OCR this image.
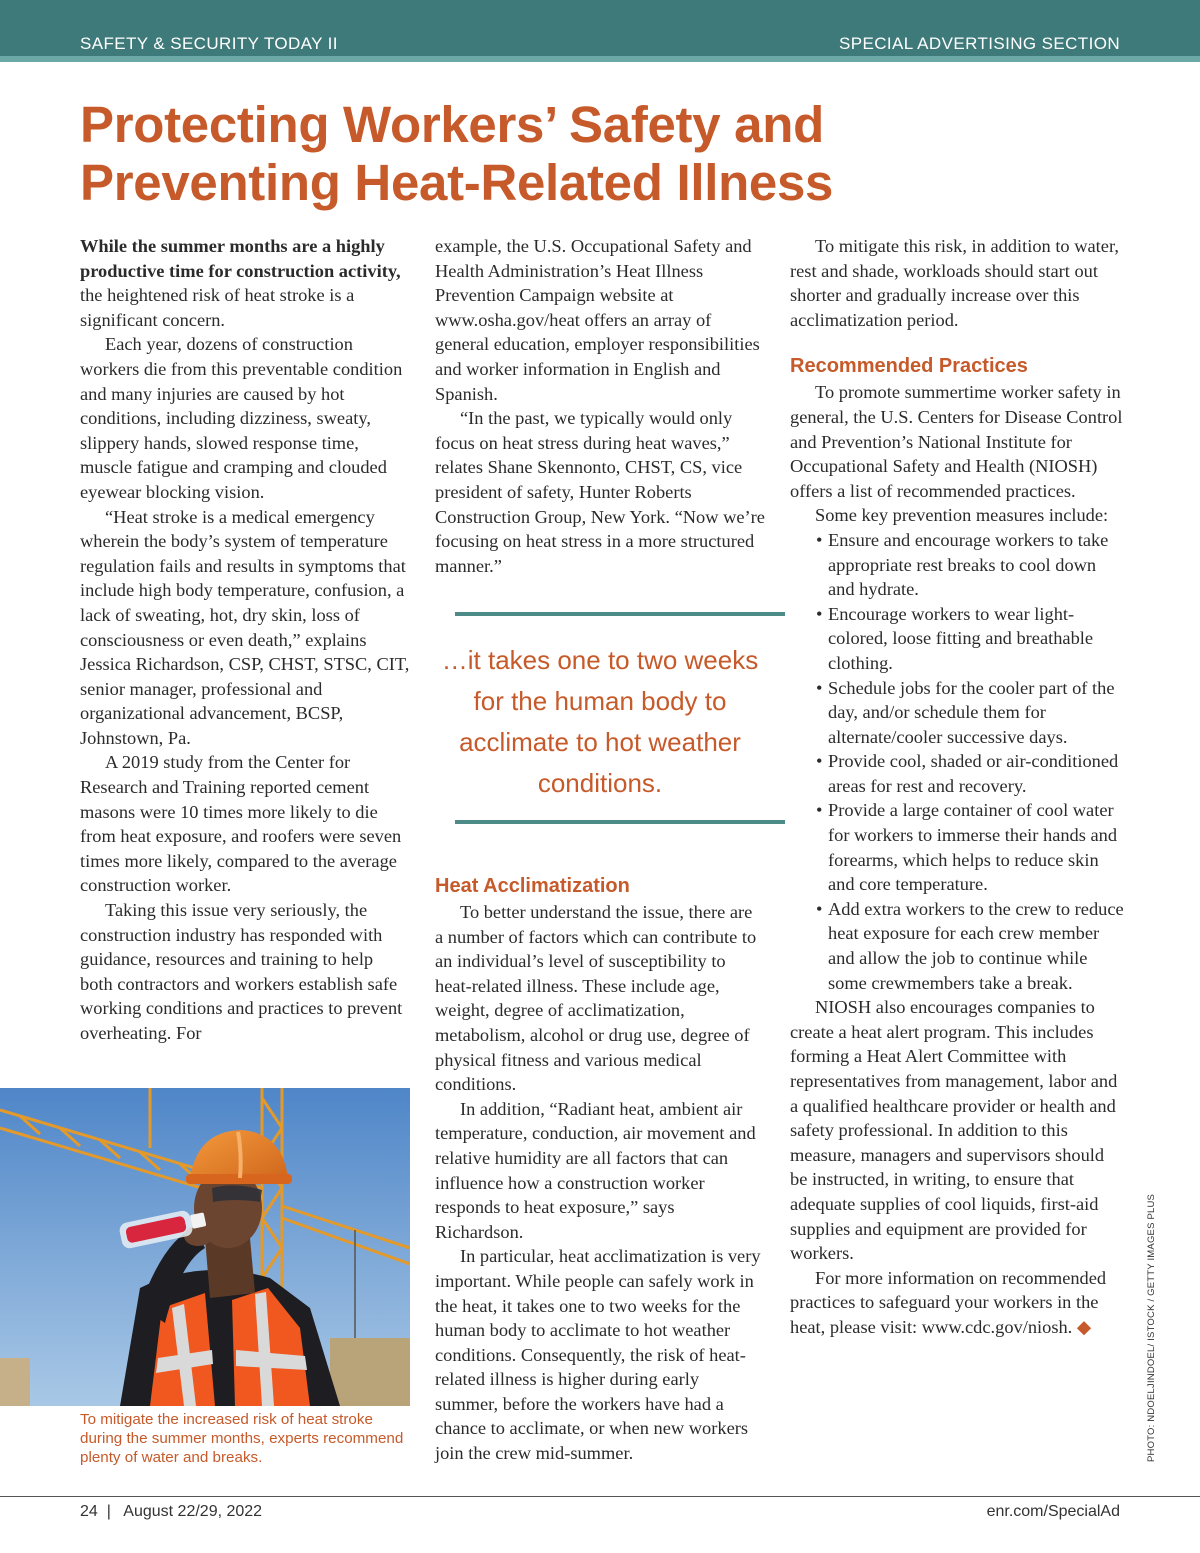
SAFETY & SECURITY TODAY II	SPECIAL ADVERTISING SECTION
Protecting Workers’ Safety and
Preventing Heat-Related Illness

While the summer months are a highly productive time for construction activity, the heightened risk of heat stroke is a significant concern.

Each year, dozens of construction workers die from this preventable condition and many injuries are caused by hot conditions, including dizziness, sweaty, slippery hands, slowed response time, muscle fatigue and cramping and clouded eyewear blocking vision.

“Heat stroke is a medical emergency wherein the body’s system of temperature regulation fails and results in symptoms that include high body temperature, confusion, a lack of sweating, hot, dry skin, loss of consciousness or even death,” explains Jessica Richardson, CSP, CHST, STSC, CIT, senior manager, professional and organizational advancement, BCSP, Johnstown, Pa.

A 2019 study from the Center for Research and Training reported cement masons were 10 times more likely to die from heat exposure, and roofers were seven times more likely, compared to the average construction worker.

Taking this issue very seriously, the construction industry has responded with guidance, resources and training to help both contractors and workers establish safe working conditions and practices to prevent overheating. For

example, the U.S. Occupational Safety and Health Administration’s Heat Illness Prevention Campaign website at www.osha.gov/heat offers an array of general education, employer responsibilities and worker information in English and Spanish.

“In the past, we typically would only focus on heat stress during heat waves,” relates Shane Skennonto, CHST, CS, vice president of safety, Hunter Roberts Construction Group, New York. “Now we’re focusing on heat stress in a more structured manner.”

…it takes one to two weeks for the human body to acclimate to hot weather conditions.
Heat Acclimatization

To better understand the issue, there are a number of factors which can contribute to an individual’s level of susceptibility to heat-related illness. These include age, weight, degree of acclimatization, metabolism, alcohol or drug use, degree of physical fitness and various medical conditions.

In addition, “Radiant heat, ambient air temperature, conduction, air movement and relative humidity are all factors that can influence how a construction worker responds to heat exposure,” says Richardson.

In particular, heat acclimatization is very important. While people can safely work in the heat, it takes one to two weeks for the human body to acclimate to hot weather conditions. Consequently, the risk of heat-related illness is higher during early summer, before the workers have had a chance to acclimate, or when new workers join the crew mid-summer.

To mitigate this risk, in addition to water, rest and shade, workloads should start out shorter and gradually increase over this acclimatization period.

Recommended Practices

To promote summertime worker safety in general, the U.S. Centers for Disease Control and Prevention’s National Institute for Occupational Safety and Health (NIOSH) offers a list of recommended practices.

Some key prevention measures include:

• Ensure and encourage workers to take appropriate rest breaks to cool down and hydrate.
• Encourage workers to wear light-colored, loose fitting and breathable clothing.
• Schedule jobs for the cooler part of the day, and/or schedule them for alternate/cooler successive days.
• Provide cool, shaded or air-conditioned areas for rest and recovery.
• Provide a large container of cool water for workers to immerse their hands and forearms, which helps to reduce skin and core temperature.
• Add extra workers to the crew to reduce heat exposure for each crew member and allow the job to continue while some crewmembers take a break.

NIOSH also encourages companies to create a heat alert program. This includes forming a Heat Alert Committee with representatives from management, labor and a qualified healthcare provider or health and safety professional. In addition to this measure, managers and supervisors should be instructed, in writing, to ensure that adequate supplies of cool liquids, first-aid supplies and equipment are provided for workers.

For more information on recommended practices to safeguard your workers in the heat, please visit: www.cdc.gov/niosh. ◆

To mitigate the increased risk of heat stroke during the summer months, experts recommend plenty of water and breaks.	PHOTO: NDOELJINDOEL/ ISTOCK / GETTY IMAGES PLUS
24  |   August 22/29, 2022	enr.com/SpecialAd
